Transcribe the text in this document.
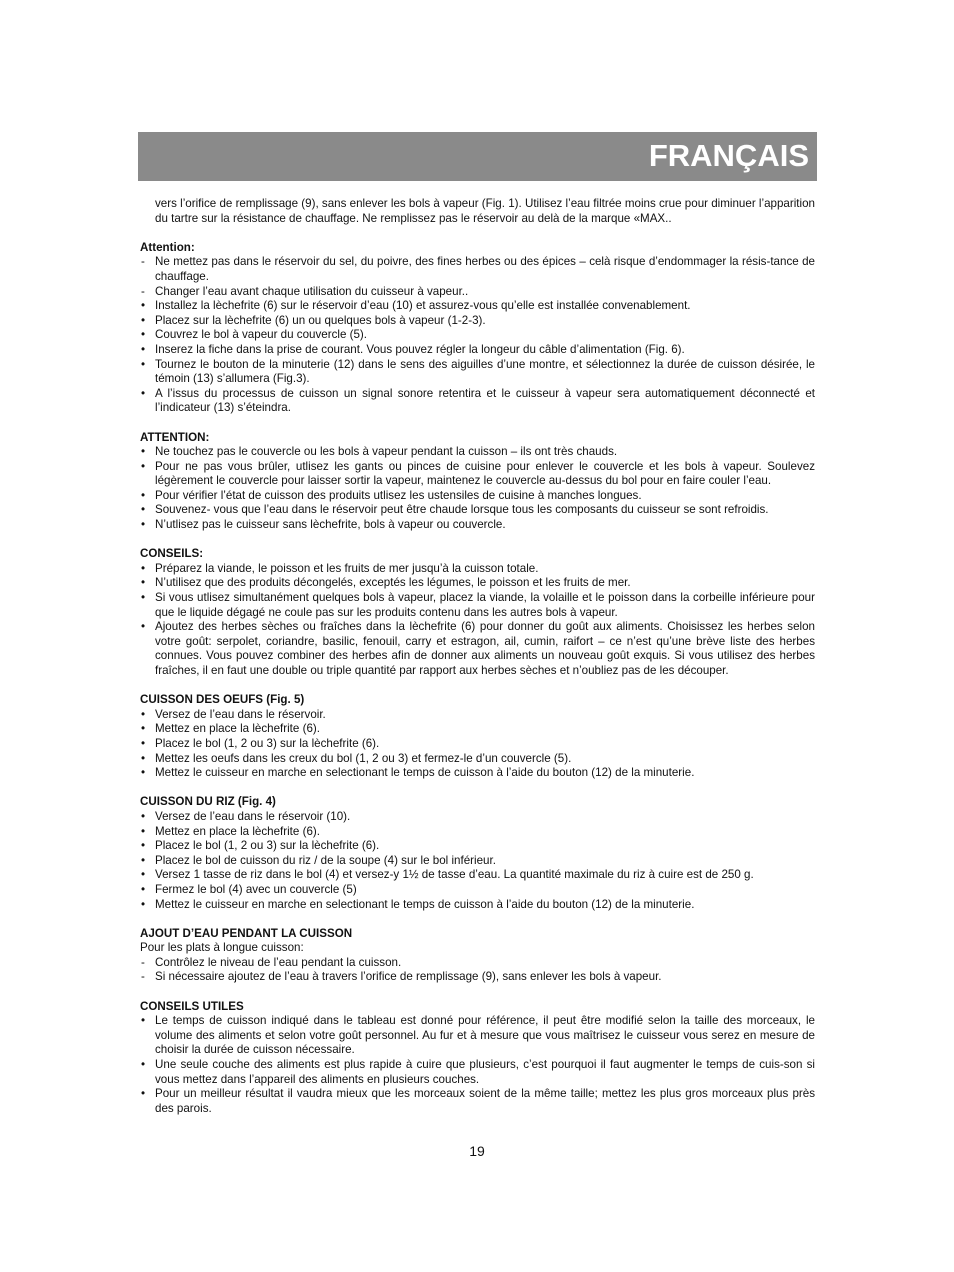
FRANÇAIS

vers l’orifice de remplissage (9), sans enlever les bols à vapeur (Fig. 1). Utilisez l’eau filtrée moins crue pour diminuer l’apparition du tartre sur la résistance de chauffage. Ne remplissez pas le réservoir au delà de la marque «MAX..

Attention:

- Ne mettez pas dans le réservoir du sel, du poivre, des fines herbes ou des épices – celà risque d’endommager la résis-tance de chauffage.
- Changer l’eau avant chaque utilisation du cuisseur à vapeur..
• Installez la lèchefrite (6) sur le réservoir d’eau (10) et assurez-vous qu’elle est installée convenablement.
• Placez sur la lèchefrite (6) un ou quelques bols à vapeur (1-2-3).
• Couvrez le bol à vapeur du couvercle (5).
• Inserez la fiche dans la prise de courant. Vous pouvez régler la longeur du câble d’alimentation (Fig. 6).
• Tournez le bouton de la minuterie (12) dans le sens des aiguilles d’une montre, et sélectionnez la durée de cuisson désirée, le témoin (13) s’allumera (Fig.3).
• A l’issus du processus de cuisson un signal sonore retentira et le cuisseur à vapeur sera automatiquement déconnecté et l’indicateur (13) s’éteindra.

ATTENTION:

• Ne touchez pas le couvercle ou les bols à vapeur pendant la cuisson – ils ont très chauds.
• Pour ne pas vous brûler, utlisez les gants ou pinces de cuisine pour enlever le couvercle et les bols à vapeur. Soulevez légèrement le couvercle pour laisser sortir la vapeur, maintenez le couvercle au-dessus du bol pour en faire couler l’eau.
• Pour vérifier l’état de cuisson des produits utlisez les ustensiles de cuisine à manches longues.
• Souvenez- vous que l’eau dans le réservoir peut être chaude lorsque tous les composants du cuisseur se sont refroidis.
• N’utlisez pas le cuisseur sans lèchefrite, bols à vapeur ou couvercle.

CONSEILS:

• Préparez la viande, le poisson et les fruits de mer jusqu’à la cuisson totale.
• N’utilisez que des produits décongelés, exceptés les légumes, le poisson et les fruits de mer.
• Si vous utlisez simultanément quelques bols à vapeur, placez la viande, la volaille et le poisson dans la corbeille inférieure pour que le liquide dégagé ne coule pas sur les produits contenu dans les autres bols à vapeur.
• Ajoutez des herbes sèches ou fraîches dans la lèchefrite (6) pour donner du goût aux aliments. Choisissez les herbes selon votre goût: serpolet, coriandre, basilic, fenouil, carry et estragon, ail, cumin, raifort – ce n’est qu’une brève liste des herbes connues. Vous pouvez combiner des herbes afin de donner aux aliments un nouveau goût exquis. Si vous utilisez des herbes fraîches, il en faut une double ou triple quantité par rapport aux herbes sèches et n’oubliez pas de les découper.

CUISSON DES OEUFS (Fig. 5)

• Versez de l’eau dans le réservoir.
• Mettez en place la lèchefrite (6).
• Placez le bol (1, 2 ou 3) sur la lèchefrite (6).
• Mettez les oeufs dans les creux du bol (1, 2 ou 3) et fermez-le d’un couvercle (5).
• Mettez le cuisseur en marche en selectionant le temps de cuisson à l’aide du bouton (12) de la minuterie.

CUISSON DU RIZ (Fig. 4)

• Versez de l’eau dans le réservoir (10).
• Mettez en place la lèchefrite (6).
• Placez le bol (1, 2 ou 3) sur la lèchefrite (6).
• Placez le bol de cuisson du riz / de la soupe (4) sur le bol inférieur.
• Versez 1 tasse de riz dans le bol (4) et versez-y 1½ de tasse d’eau. La quantité maximale du riz à cuire est de 250 g.
• Fermez le bol (4) avec un couvercle (5)
• Mettez le cuisseur en marche en selectionant le temps de cuisson à l’aide du bouton (12) de la minuterie.

AJOUT D’EAU PENDANT LA CUISSON

Pour les plats à longue cuisson:

- Contrôlez le niveau de l’eau pendant la cuisson.
- Si nécessaire ajoutez de l’eau à travers l’orifice de remplissage (9), sans enlever les bols à vapeur.

CONSEILS UTILES

• Le temps de cuisson indiqué dans le tableau est donné pour référence, il peut être modifié selon la taille des morceaux, le volume des aliments et selon votre goût personnel. Au fur et à mesure que vous maîtrisez le cuisseur vous serez en mesure de choisir la durée de cuisson nécessaire.
• Une seule couche des aliments est plus rapide à cuire que plusieurs, c’est pourquoi il faut augmenter le temps de cuis-son si vous mettez dans l’appareil des aliments en plusieurs couches.
• Pour un meilleur résultat il vaudra mieux que les morceaux soient de la même taille; mettez les plus gros morceaux plus près des parois.
19
